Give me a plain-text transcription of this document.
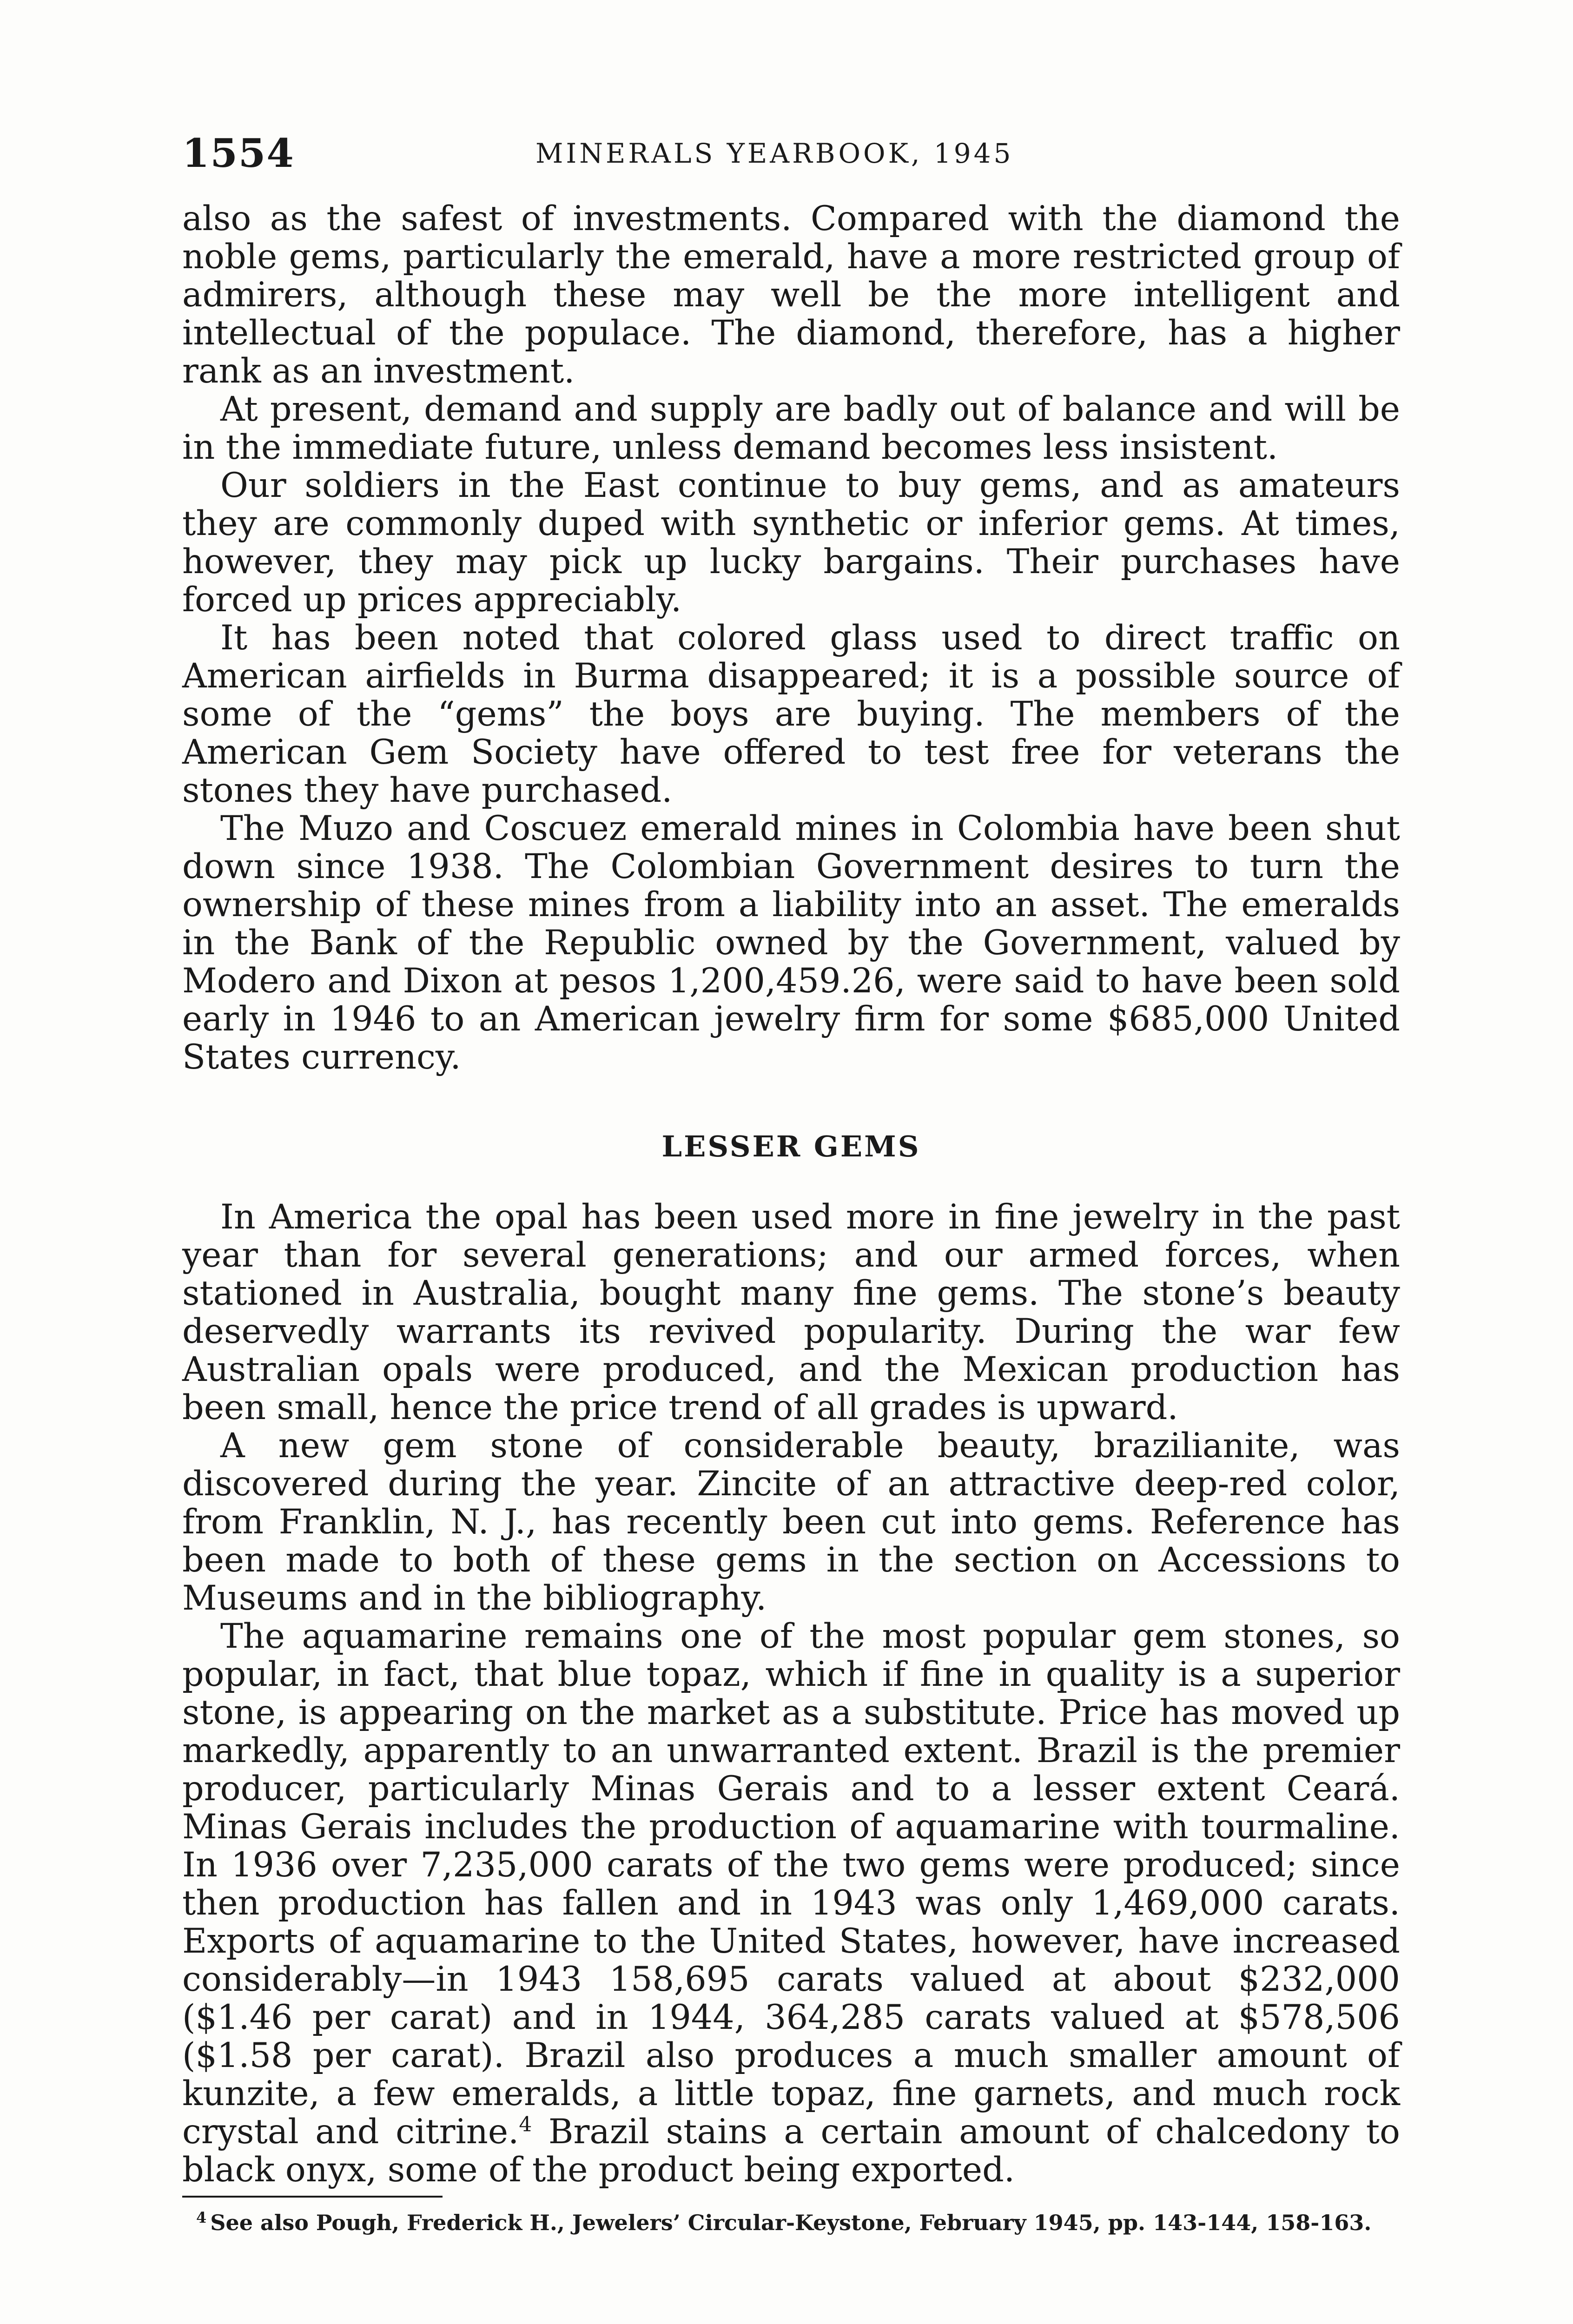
1554	MINERALS YEARBOOK, 1945

also as the safest of investments. Compared with the diamond the noble gems, particularly the emerald, have a more restricted group of admirers, although these may well be the more intelligent and intellectual of the populace. The diamond, therefore, has a higher rank as an investment.

At present, demand and supply are badly out of balance and will be in the immediate future, unless demand becomes less insistent.

Our soldiers in the East continue to buy gems, and as amateurs they are commonly duped with synthetic or inferior gems. At times, however, they may pick up lucky bargains. Their purchases have forced up prices appreciably.

It has been noted that colored glass used to direct traffic on American airfields in Burma disappeared; it is a possible source of some of the “gems” the boys are buying. The members of the American Gem Society have offered to test free for veterans the stones they have purchased.

The Muzo and Coscuez emerald mines in Colombia have been shut down since 1938. The Colombian Government desires to turn the ownership of these mines from a liability into an asset. The emeralds in the Bank of the Republic owned by the Government, valued by Modero and Dixon at pesos 1,200,459.26, were said to have been sold early in 1946 to an American jewelry firm for some $685,000 United States currency.

LESSER GEMS

In America the opal has been used more in fine jewelry in the past year than for several generations; and our armed forces, when stationed in Australia, bought many fine gems. The stone’s beauty deservedly warrants its revived popularity. During the war few Australian opals were produced, and the Mexican production has been small, hence the price trend of all grades is upward.

A new gem stone of considerable beauty, brazilianite, was discovered during the year. Zincite of an attractive deep-red color, from Franklin, N. J., has recently been cut into gems. Reference has been made to both of these gems in the section on Accessions to Museums and in the bibliography.

The aquamarine remains one of the most popular gem stones, so popular, in fact, that blue topaz, which if fine in quality is a superior stone, is appearing on the market as a substitute. Price has moved up markedly, apparently to an unwarranted extent. Brazil is the premier producer, particularly Minas Gerais and to a lesser extent Ceará. Minas Gerais includes the production of aquamarine with tourmaline. In 1936 over 7,235,000 carats of the two gems were produced; since then production has fallen and in 1943 was only 1,469,000 carats. Exports of aquamarine to the United States, however, have increased considerably—in 1943 158,695 carats valued at about $232,000 ($1.46 per carat) and in 1944, 364,285 carats valued at $578,506 ($1.58 per carat). Brazil also produces a much smaller amount of kunzite, a few emeralds, a little topaz, fine garnets, and much rock crystal and citrine.$^4$ Brazil stains a certain amount of chalcedony to black onyx, some of the product being exported.

$^4$ See also Pough, Frederick H., Jewelers’ Circular-Keystone, February 1945, pp. 143-144, 158-163.
